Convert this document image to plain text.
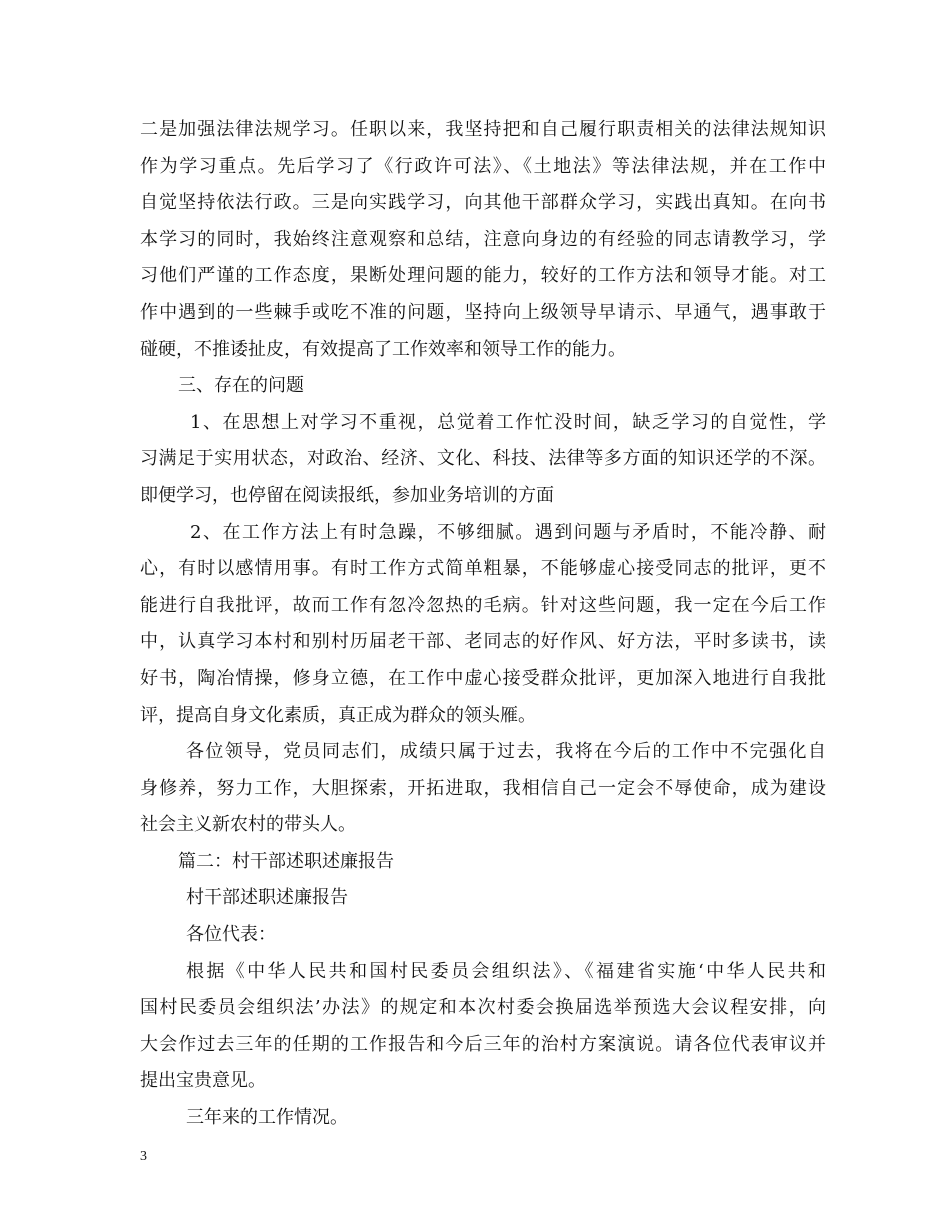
二是加强法律法规学习。任职以来，我坚持把和自己履行职责相关的法律法规知识
作为学习重点。先后学习了《行政许可法》、《土地法》等法律法规，并在工作中
自觉坚持依法行政。三是向实践学习，向其他干部群众学习，实践出真知。在向书
本学习的同时，我始终注意观察和总结，注意向身边的有经验的同志请教学习，学
习他们严谨的工作态度，果断处理问题的能力，较好的工作方法和领导才能。对工
作中遇到的一些棘手或吃不准的问题，坚持向上级领导早请示、早通气，遇事敢于
碰硬，不推诿扯皮，有效提高了工作效率和领导工作的能力。
三、存在的问题
1、在思想上对学习不重视，总觉着工作忙没时间，缺乏学习的自觉性，学
习满足于实用状态，对政治、经济、文化、科技、法律等多方面的知识还学的不深。
即便学习，也停留在阅读报纸，参加业务培训的方面
2、在工作方法上有时急躁，不够细腻。遇到问题与矛盾时，不能冷静、耐
心，有时以感情用事。有时工作方式简单粗暴，不能够虚心接受同志的批评，更不
能进行自我批评，故而工作有忽冷忽热的毛病。针对这些问题，我一定在今后工作
中，认真学习本村和别村历届老干部、老同志的好作风、好方法，平时多读书，读
好书，陶冶情操，修身立德，在工作中虚心接受群众批评，更加深入地进行自我批
评，提高自身文化素质，真正成为群众的领头雁。
各位领导，党员同志们，成绩只属于过去，我将在今后的工作中不完强化自
身修养，努力工作，大胆探索，开拓进取，我相信自己一定会不辱使命，成为建设
社会主义新农村的带头人。
篇二：村干部述职述廉报告
村干部述职述廉报告
各位代表：
根据《中华人民共和国村民委员会组织法》、《福建省实施‘中华人民共和
国村民委员会组织法’办法》的规定和本次村委会换届选举预选大会议程安排，向
大会作过去三年的任期的工作报告和今后三年的治村方案演说。请各位代表审议并
提出宝贵意见。
三年来的工作情况。
3
